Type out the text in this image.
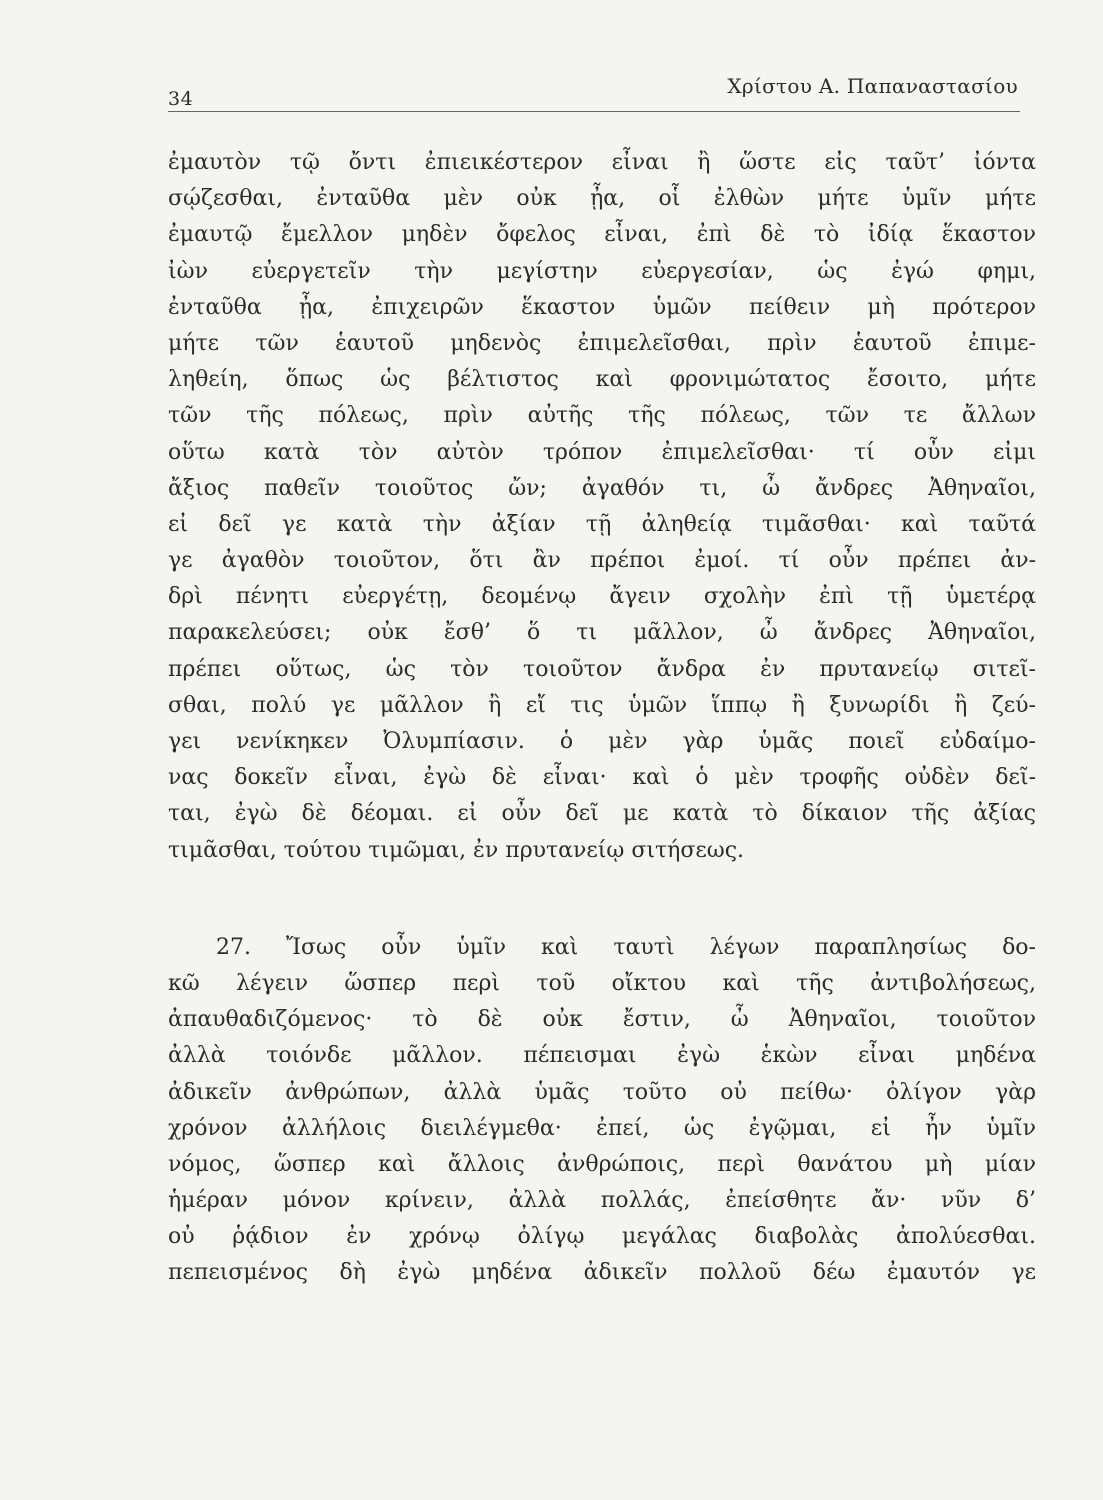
34
Χρίστου Α. Παπαναστασίου
ἐμαυτὸν τῷ ὄντι ἐπιεικέστερον εἶναι ἢ ὥστε εἰς ταῦτ’ ἰόντα
σῴζεσθαι, ἐνταῦθα μὲν οὐκ ᾖα, οἷ ἐλθὼν μήτε ὑμῖν μήτε
ἐμαυτῷ ἔμελλον μηδὲν ὄφελος εἶναι, ἐπὶ δὲ τὸ ἰδίᾳ ἕκαστον
ἰὼν εὐεργετεῖν τὴν μεγίστην εὐεργεσίαν, ὡς ἐγώ φημι,
ἐνταῦθα ᾖα, ἐπιχειρῶν ἕκαστον ὑμῶν πείθειν μὴ πρότερον
μήτε τῶν ἑαυτοῦ μηδενὸς ἐπιμελεῖσθαι, πρὶν ἑαυτοῦ ἐπιμε-
ληθείη, ὅπως ὡς βέλτιστος καὶ φρονιμώτατος ἔσοιτο, μήτε
τῶν τῆς πόλεως, πρὶν αὐτῆς τῆς πόλεως, τῶν τε ἄλλων
οὕτω κατὰ τὸν αὐτὸν τρόπον ἐπιμελεῖσθαι· τί οὖν εἰμι
ἄξιος παθεῖν τοιοῦτος ὤν; ἀγαθόν τι, ὦ ἄνδρες Ἀθηναῖοι,
εἰ δεῖ γε κατὰ τὴν ἀξίαν τῇ ἀληθείᾳ τιμᾶσθαι· καὶ ταῦτά
γε ἀγαθὸν τοιοῦτον, ὅτι ἂν πρέποι ἐμοί. τί οὖν πρέπει ἀν-
δρὶ πένητι εὐεργέτῃ, δεομένῳ ἄγειν σχολὴν ἐπὶ τῇ ὑμετέρᾳ
παρακελεύσει; οὐκ ἔσθ’ ὅ τι μᾶλλον, ὦ ἄνδρες Ἀθηναῖοι,
πρέπει οὕτως, ὡς τὸν τοιοῦτον ἄνδρα ἐν πρυτανείῳ σιτεῖ-
σθαι, πολύ γε μᾶλλον ἢ εἴ τις ὑμῶν ἵππῳ ἢ ξυνωρίδι ἢ ζεύ-
γει νενίκηκεν Ὀλυμπίασιν. ὁ μὲν γὰρ ὑμᾶς ποιεῖ εὐδαίμο-
νας δοκεῖν εἶναι, ἐγὼ δὲ εἶναι· καὶ ὁ μὲν τροφῆς οὐδὲν δεῖ-
ται, ἐγὼ δὲ δέομαι. εἰ οὖν δεῖ με κατὰ τὸ δίκαιον τῆς ἀξίας
τιμᾶσθαι, τούτου τιμῶμαι, ἐν πρυτανείῳ σιτήσεως.
27. Ἴσως οὖν ὑμῖν καὶ ταυτὶ λέγων παραπλησίως δο-
κῶ λέγειν ὥσπερ περὶ τοῦ οἴκτου καὶ τῆς ἀντιβολήσεως,
ἀπαυθαδιζόμενος· τὸ δὲ οὐκ ἔστιν, ὦ Ἀθηναῖοι, τοιοῦτον
ἀλλὰ τοιόνδε μᾶλλον. πέπεισμαι ἐγὼ ἑκὼν εἶναι μηδένα
ἀδικεῖν ἀνθρώπων, ἀλλὰ ὑμᾶς τοῦτο οὐ πείθω· ὀλίγον γὰρ
χρόνον ἀλλήλοις διειλέγμεθα· ἐπεί, ὡς ἐγῷμαι, εἰ ἦν ὑμῖν
νόμος, ὥσπερ καὶ ἄλλοις ἀνθρώποις, περὶ θανάτου μὴ μίαν
ἡμέραν μόνον κρίνειν, ἀλλὰ πολλάς, ἐπείσθητε ἄν· νῦν δ’
οὐ ῥᾴδιον ἐν χρόνῳ ὀλίγῳ μεγάλας διαβολὰς ἀπολύεσθαι.
πεπεισμένος δὴ ἐγὼ μηδένα ἀδικεῖν πολλοῦ δέω ἐμαυτόν γε
